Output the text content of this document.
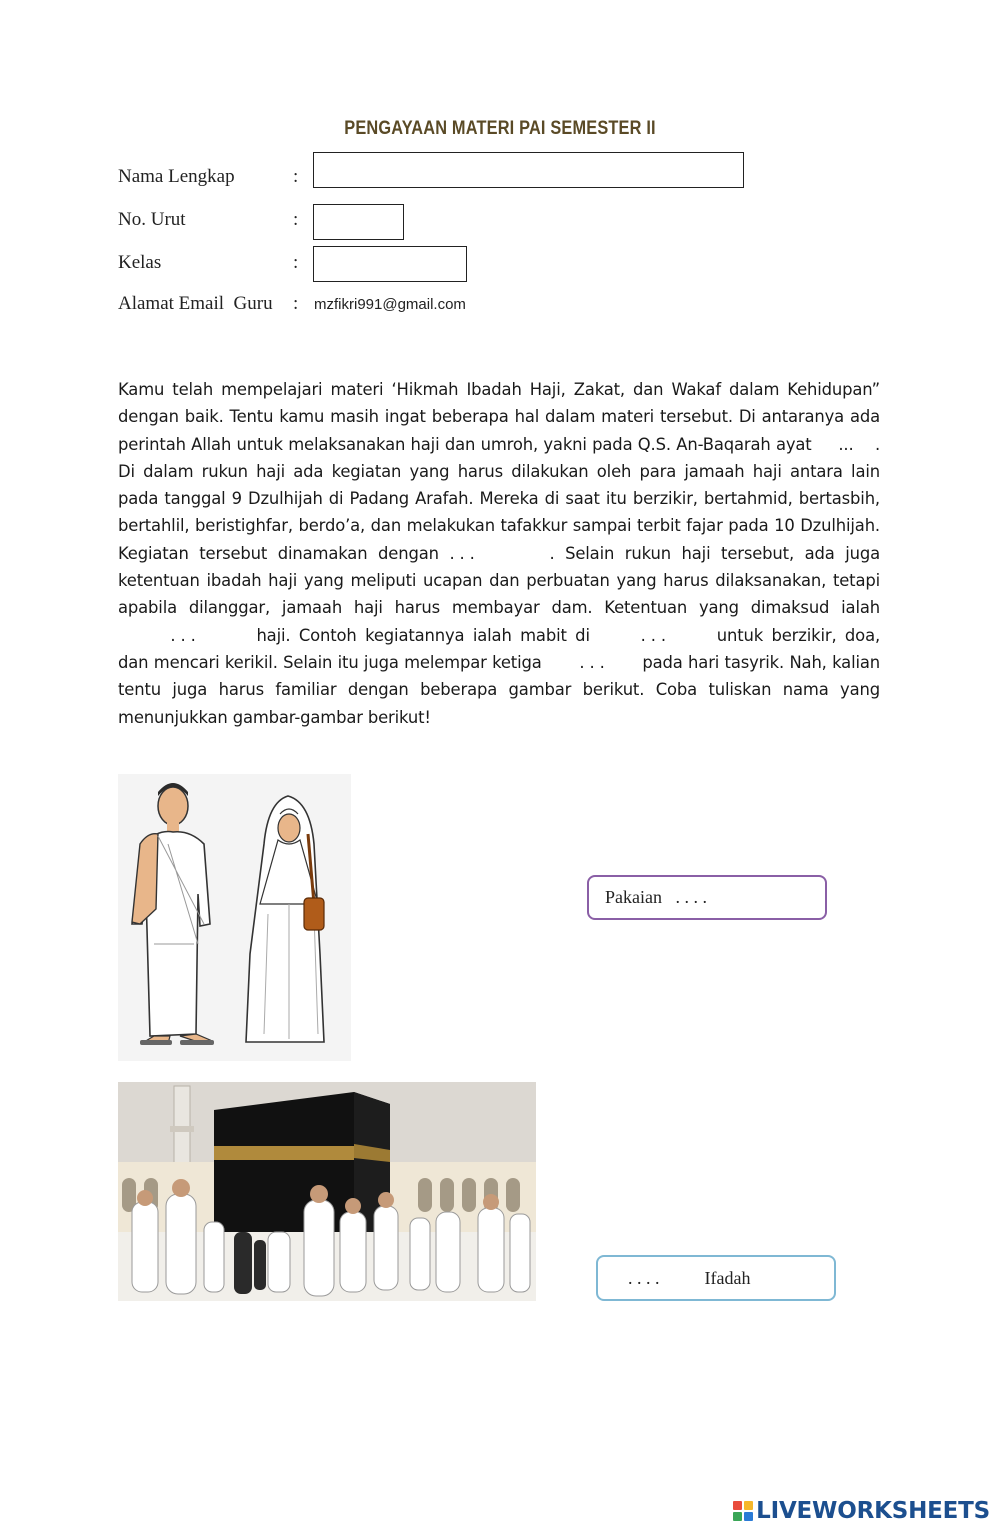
PENGAYAAN MATERI PAI SEMESTER II
Nama Lengkap	:
No. Urut	:
Kelas	:
Alamat Email  Guru : mzfikri991@gmail.com
Kamu telah mempelajari materi ‘Hikmah Ibadah Haji, Zakat, dan Wakaf dalam Kehidupan” dengan baik. Tentu kamu masih ingat beberapa hal dalam materi tersebut. Di antaranya ada perintah Allah untuk melaksanakan haji dan umroh, yakni pada Q.S. An-Baqarah ayat ... . Di dalam rukun haji ada kegiatan yang harus dilakukan oleh para jamaah haji antara lain pada tanggal 9 Dzulhijah di Padang Arafah. Mereka di saat itu berzikir, bertahmid, bertasbih, bertahlil, beristighfar, berdo’a, dan melakukan tafakkur sampai terbit fajar pada 10 Dzulhijah. Kegiatan tersebut dinamakan dengan . . .	. Selain rukun haji tersebut, ada juga ketentuan ibadah haji yang meliputi ucapan dan perbuatan yang harus dilaksanakan, tetapi apabila dilanggar, jamaah haji harus membayar dam. Ketentuan yang dimaksud ialah . . .	haji. Contoh kegiatannya ialah mabit di	. . .	untuk berzikir, doa, dan mencari kerikil. Selain itu juga melempar ketiga . . . pada hari tasyrik. Nah, kalian tentu juga harus familiar dengan beberapa gambar berikut. Coba tuliskan nama yang menunjukkan gambar-gambar berikut!
Pakaian   . . . .
. . . .          Ifadah
LIVEWORKSHEETS
